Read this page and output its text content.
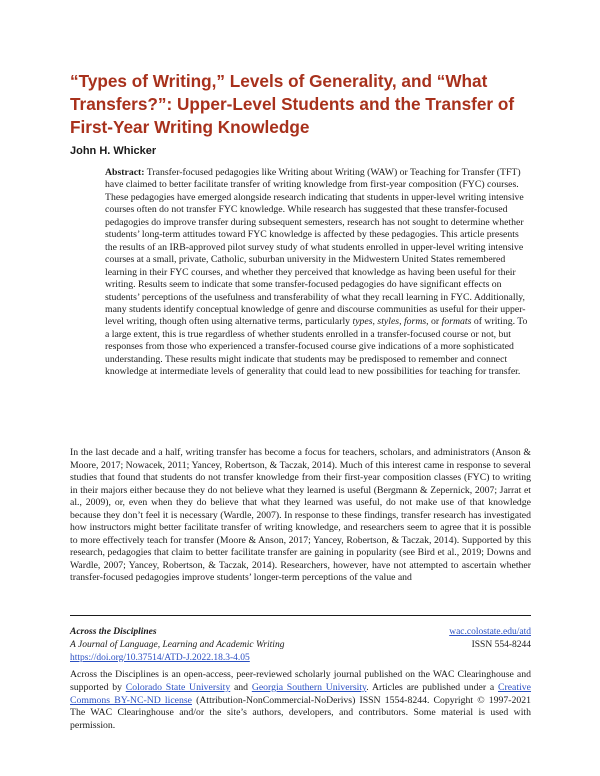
“Types of Writing,” Levels of Generality, and “What Transfers?”: Upper-Level Students and the Transfer of First-Year Writing Knowledge
John H. Whicker

Abstract: Transfer-focused pedagogies like Writing about Writing (WAW) or Teaching for Transfer (TFT) have claimed to better facilitate transfer of writing knowledge from first-year composition (FYC) courses. These pedagogies have emerged alongside research indicating that students in upper-level writing intensive courses often do not transfer FYC knowledge. While research has suggested that these transfer-focused pedagogies do improve transfer during subsequent semesters, research has not sought to determine whether students’ long-term attitudes toward FYC knowledge is affected by these pedagogies. This article presents the results of an IRB-approved pilot survey study of what students enrolled in upper-level writing intensive courses at a small, private, Catholic, suburban university in the Midwestern United States remembered learning in their FYC courses, and whether they perceived that knowledge as having been useful for their writing. Results seem to indicate that some transfer-focused pedagogies do have significant effects on students’ perceptions of the usefulness and transferability of what they recall learning in FYC. Additionally, many students identify conceptual knowledge of genre and discourse communities as useful for their upper-level writing, though often using alternative terms, particularly types, styles, forms, or formats of writing. To a large extent, this is true regardless of whether students enrolled in a transfer-focused course or not, but responses from those who experienced a transfer-focused course give indications of a more sophisticated understanding. These results might indicate that students may be predisposed to remember and connect knowledge at intermediate levels of generality that could lead to new possibilities for teaching for transfer.

In the last decade and a half, writing transfer has become a focus for teachers, scholars, and administrators (Anson & Moore, 2017; Nowacek, 2011; Yancey, Robertson, & Taczak, 2014). Much of this interest came in response to several studies that found that students do not transfer knowledge from their first-year composition classes (FYC) to writing in their majors either because they do not believe what they learned is useful (Bergmann & Zepernick, 2007; Jarrat et al., 2009), or, even when they do believe that what they learned was useful, do not make use of that knowledge because they don’t feel it is necessary (Wardle, 2007). In response to these findings, transfer research has investigated how instructors might better facilitate transfer of writing knowledge, and researchers seem to agree that it is possible to more effectively teach for transfer (Moore & Anson, 2017; Yancey, Robertson, & Taczak, 2014). Supported by this research, pedagogies that claim to better facilitate transfer are gaining in popularity (see Bird et al., 2019; Downs and Wardle, 2007; Yancey, Robertson, & Taczak, 2014). Researchers, however, have not attempted to ascertain whether transfer-focused pedagogies improve students’ longer-term perceptions of the value and

Across the Disciplines
A Journal of Language, Learning and Academic Writing
https://doi.org/10.37514/ATD-J.2022.18.3-4.05
wac.colostate.edu/atd
ISSN 554-8244

Across the Disciplines is an open-access, peer-reviewed scholarly journal published on the WAC Clearinghouse and supported by Colorado State University and Georgia Southern University. Articles are published under a Creative Commons BY-NC-ND license (Attribution-NonCommercial-NoDerivs) ISSN 1554-8244. Copyright © 1997-2021 The WAC Clearinghouse and/or the site’s authors, developers, and contributors. Some material is used with permission.
